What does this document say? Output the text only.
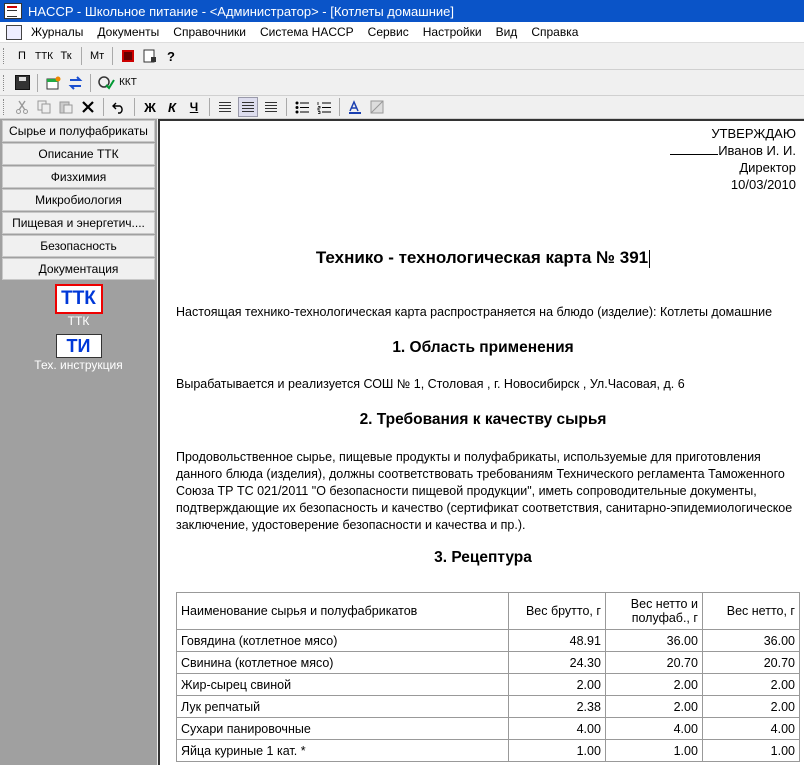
HACCP - Школьное питание - <Администратор> - [Котлеты домашние]
Журналы	Документы	Справочники	Система HACCP	Сервис	Настройки	Вид	Справка
П ТТК Тк	Мт	?
ККТ
Ж К	Ч
Сырье и полуфабрикаты
Описание ТТК
Физхимия
Микробиология
Пищевая и энергетич....
Безопасность
Документация
ТТК
ТТК
ТИ
Тех. инструкция
УТВЕРЖДАЮ
Иванов И. И.
Директор
10/03/2010
Технико - технологическая карта № 391
Настоящая технико-технологическая карта распространяется на блюдо (изделие): Котлеты домашние
1. Область применения
Вырабатывается и реализуется СОШ № 1, Столовая , г. Новосибирск , Ул.Часовая, д. 6
2. Требования к качеству сырья
Продовольственное сырье, пищевые продукты и полуфабрикаты, используемые для приготовления данного блюда (изделия), должны соответствовать требованиям Технического регламента Таможенного Союза ТР ТС 021/2011 "О безопасности пищевой продукции", иметь сопроводительные документы, подтверждающие их безопасность и качество (сертификат соответствия, санитарно-эпидемиологическое заключение, удостоверение безопасности и качества и пр.).
3. Рецептура
Наименование сырья и полуфабрикатов	Вес брутто, г	Вес нетто и полуфаб., г	Вес нетто, г
Говядина (котлетное мясо)	48.91	36.00	36.00
Свинина (котлетное мясо)	24.30	20.70	20.70
Жир-сырец свиной	2.00	2.00	2.00
Лук репчатый	2.38	2.00	2.00
Сухари панировочные	4.00	4.00	4.00
Яйца куриные 1 кат. *	1.00	1.00	1.00
